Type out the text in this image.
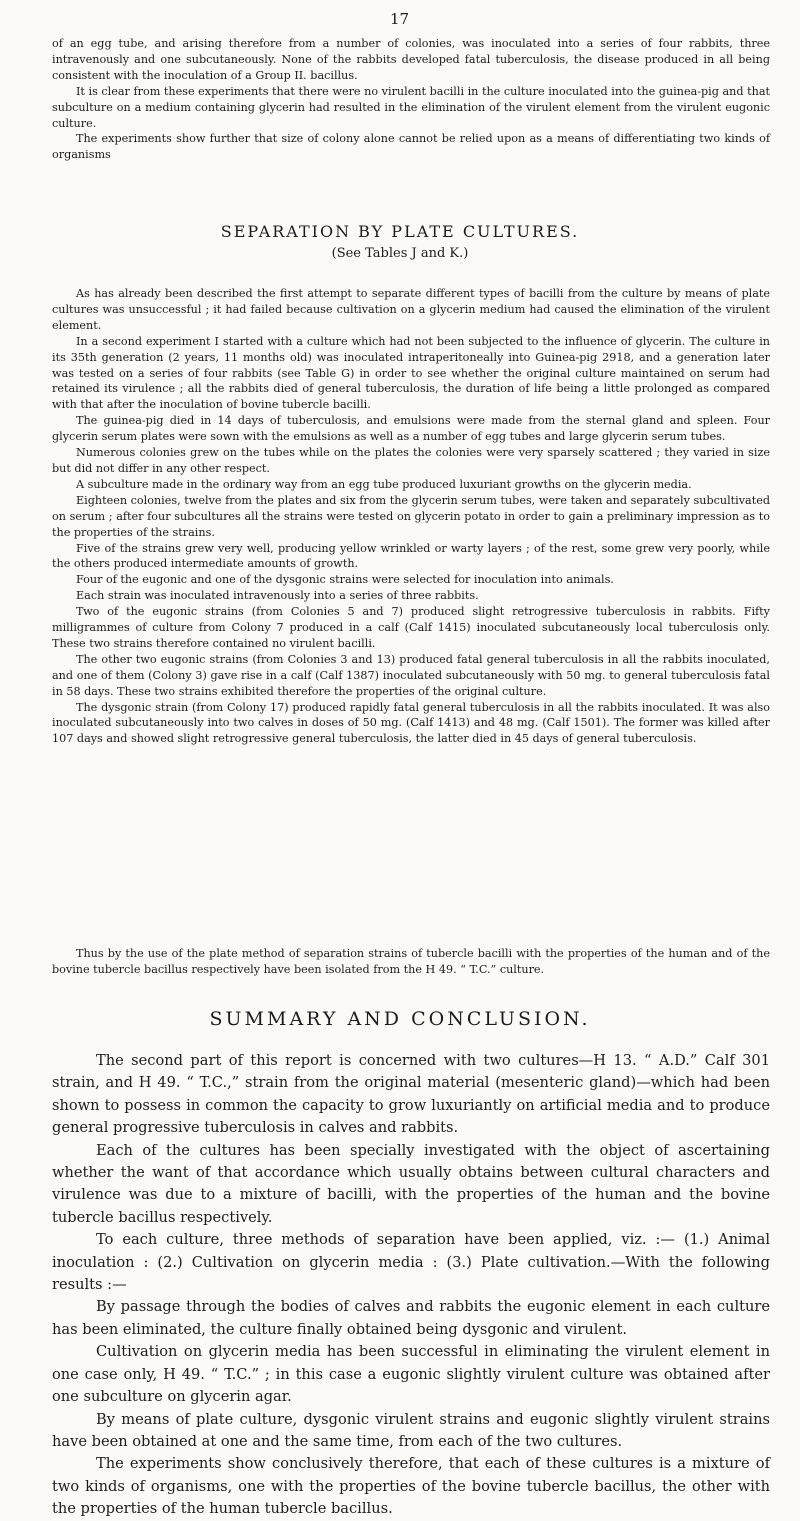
17

of an egg tube, and arising therefore from a number of colonies, was inoculated into a series of four rabbits, three intravenously and one subcutaneously. None of the rabbits developed fatal tuberculosis, the disease produced in all being consistent with the inoculation of a Group II. bacillus.

It is clear from these experiments that there were no virulent bacilli in the culture inoculated into the guinea-pig and that subculture on a medium containing glycerin had resulted in the elimination of the virulent element from the virulent eugonic culture.

The experiments show further that size of colony alone cannot be relied upon as a means of differentiating two kinds of organisms

SEPARATION BY PLATE CULTURES.
(See Tables J and K.)

As has already been described the first attempt to separate different types of bacilli from the culture by means of plate cultures was unsuccessful ; it had failed because cultivation on a glycerin medium had caused the elimination of the virulent element.

In a second experiment I started with a culture which had not been subjected to the influence of glycerin. The culture in its 35th generation (2 years, 11 months old) was inoculated intraperitoneally into Guinea-pig 2918, and a generation later was tested on a series of four rabbits (see Table G) in order to see whether the original culture maintained on serum had retained its virulence ; all the rabbits died of general tuberculosis, the duration of life being a little prolonged as compared with that after the inoculation of bovine tubercle bacilli.

The guinea-pig died in 14 days of tuberculosis, and emulsions were made from the sternal gland and spleen. Four glycerin serum plates were sown with the emulsions as well as a number of egg tubes and large glycerin serum tubes.

Numerous colonies grew on the tubes while on the plates the colonies were very sparsely scattered ; they varied in size but did not differ in any other respect.

A subculture made in the ordinary way from an egg tube produced luxuriant growths on the glycerin media.

Eighteen colonies, twelve from the plates and six from the glycerin serum tubes, were taken and separately subcultivated on serum ; after four subcultures all the strains were tested on glycerin potato in order to gain a preliminary impression as to the properties of the strains.

Five of the strains grew very well, producing yellow wrinkled or warty layers ; of the rest, some grew very poorly, while the others produced intermediate amounts of growth.

Four of the eugonic and one of the dysgonic strains were selected for inoculation into animals.

Each strain was inoculated intravenously into a series of three rabbits.

Two of the eugonic strains (from Colonies 5 and 7) produced slight retrogressive tuberculosis in rabbits. Fifty milligrammes of culture from Colony 7 produced in a calf (Calf 1415) inoculated subcutaneously local tuberculosis only. These two strains therefore contained no virulent bacilli.

The other two eugonic strains (from Colonies 3 and 13) produced fatal general tuberculosis in all the rabbits inoculated, and one of them (Colony 3) gave rise in a calf (Calf 1387) inoculated subcutaneously with 50 mg. to general tuberculosis fatal in 58 days. These two strains exhibited therefore the properties of the original culture.

The dysgonic strain (from Colony 17) produced rapidly fatal general tuberculosis in all the rabbits inoculated. It was also inoculated subcutaneously into two calves in doses of 50 mg. (Calf 1413) and 48 mg. (Calf 1501). The former was killed after 107 days and showed slight retrogressive general tuberculosis, the latter died in 45 days of general tuberculosis.

Thus by the use of the plate method of separation strains of tubercle bacilli with the properties of the human and of the bovine tubercle bacillus respectively have been isolated from the H 49. “ T.C.” culture.
SUMMARY AND CONCLUSION.

The second part of this report is concerned with two cultures—H 13. “ A.D.” Calf 301 strain, and H 49. “ T.C.,” strain from the original material (mesenteric gland)—which had been shown to possess in common the capacity to grow luxuriantly on artificial media and to produce general progressive tuberculosis in calves and rabbits.

Each of the cultures has been specially investigated with the object of ascertaining whether the want of that accordance which usually obtains between cultural characters and virulence was due to a mixture of bacilli, with the properties of the human and the bovine tubercle bacillus respectively.

To each culture, three methods of separation have been applied, viz. :— (1.) Animal inoculation : (2.) Cultivation on glycerin media : (3.) Plate cultivation.—With the following results :—

By passage through the bodies of calves and rabbits the eugonic element in each culture has been eliminated, the culture finally obtained being dysgonic and virulent.

Cultivation on glycerin media has been successful in eliminating the virulent element in one case only, H 49. “ T.C.” ; in this case a eugonic slightly virulent culture was obtained after one subculture on glycerin agar.

By means of plate culture, dysgonic virulent strains and eugonic slightly virulent strains have been obtained at one and the same time, from each of the two cultures.

The experiments show conclusively therefore, that each of these cultures is a mixture of two kinds of organisms, one with the properties of the bovine tubercle bacillus, the other with the properties of the human tubercle bacillus.
